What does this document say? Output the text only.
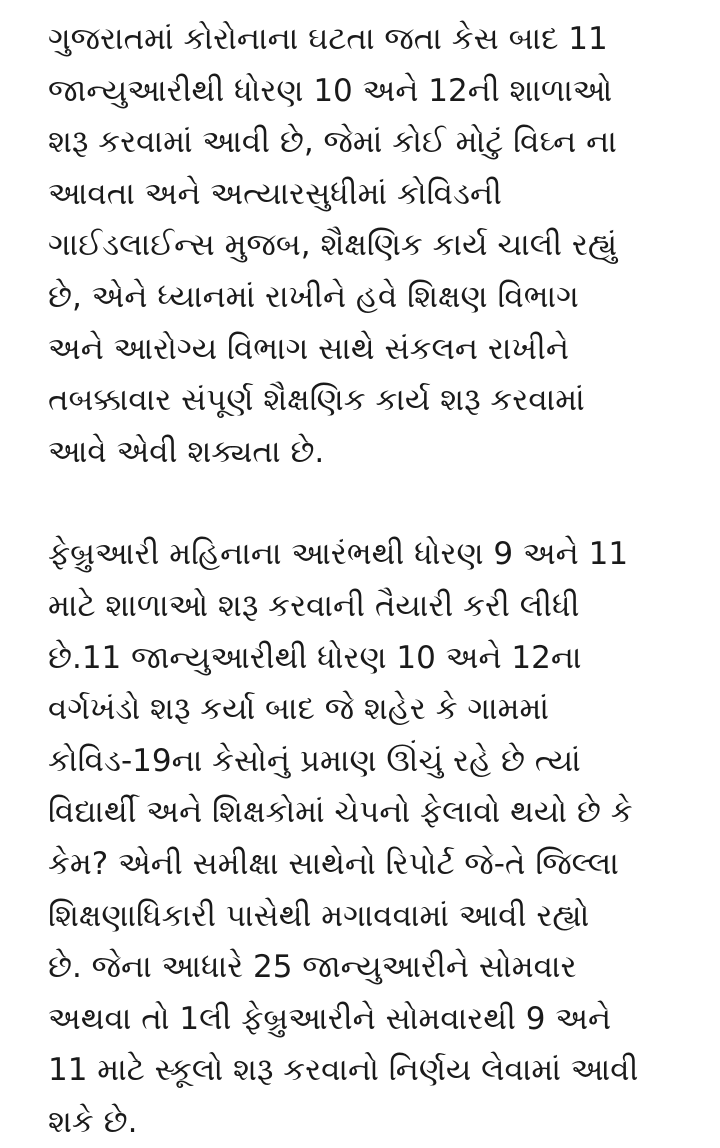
ગુજરાતમાં કોરોનાના ઘટતા જતા કેસ બાદ 11
જાન્યુઆરીથી ધોરણ 10 અને 12ની શાળાઓ
શરૂ કરવામાં આવી છે, જેમાં કોઈ મોટું વિઘ્ન ના
આવતા અને અત્યારસુધીમાં કોવિડની
ગાઈડલાઈન્સ મુજબ, શૈક્ષણિક કાર્ય ચાલી રહ્યું
છે, એને ધ્યાનમાં રાખીને હવે શિક્ષણ વિભાગ
અને આરોગ્ય વિભાગ સાથે સંકલન રાખીને
તબક્કાવાર સંપૂર્ણ શૈક્ષણિક કાર્ય શરૂ કરવામાં
આવે એવી શક્યતા છે.

ફેબ્રુઆરી મહિનાના આરંભથી ધોરણ 9 અને 11
માટે શાળાઓ શરૂ કરવાની તૈયારી કરી લીધી
છે.11 જાન્યુઆરીથી ધોરણ 10 અને 12ના
વર્ગખંડો શરૂ કર્યા બાદ જે શહેર કે ગામમાં
કોવિડ-19ના કેસોનું પ્રમાણ ઊંચું રહે છે ત્યાં
વિદ્યાર્થી અને શિક્ષકોમાં ચેપનો ફેલાવો થયો છે કે
કેમ? એની સમીક્ષા સાથેનો રિપોર્ટ જે-તે જિલ્લા
શિક્ષણાધિકારી પાસેથી મગાવવામાં આવી રહ્યો
છે. જેના આધારે 25 જાન્યુઆરીને સોમવાર
અથવા તો 1લી ફેબ્રુઆરીને સોમવારથી 9 અને
11 માટે સ્કૂલો શરૂ કરવાનો નિર્ણય લેવામાં આવી
શકે છે.
